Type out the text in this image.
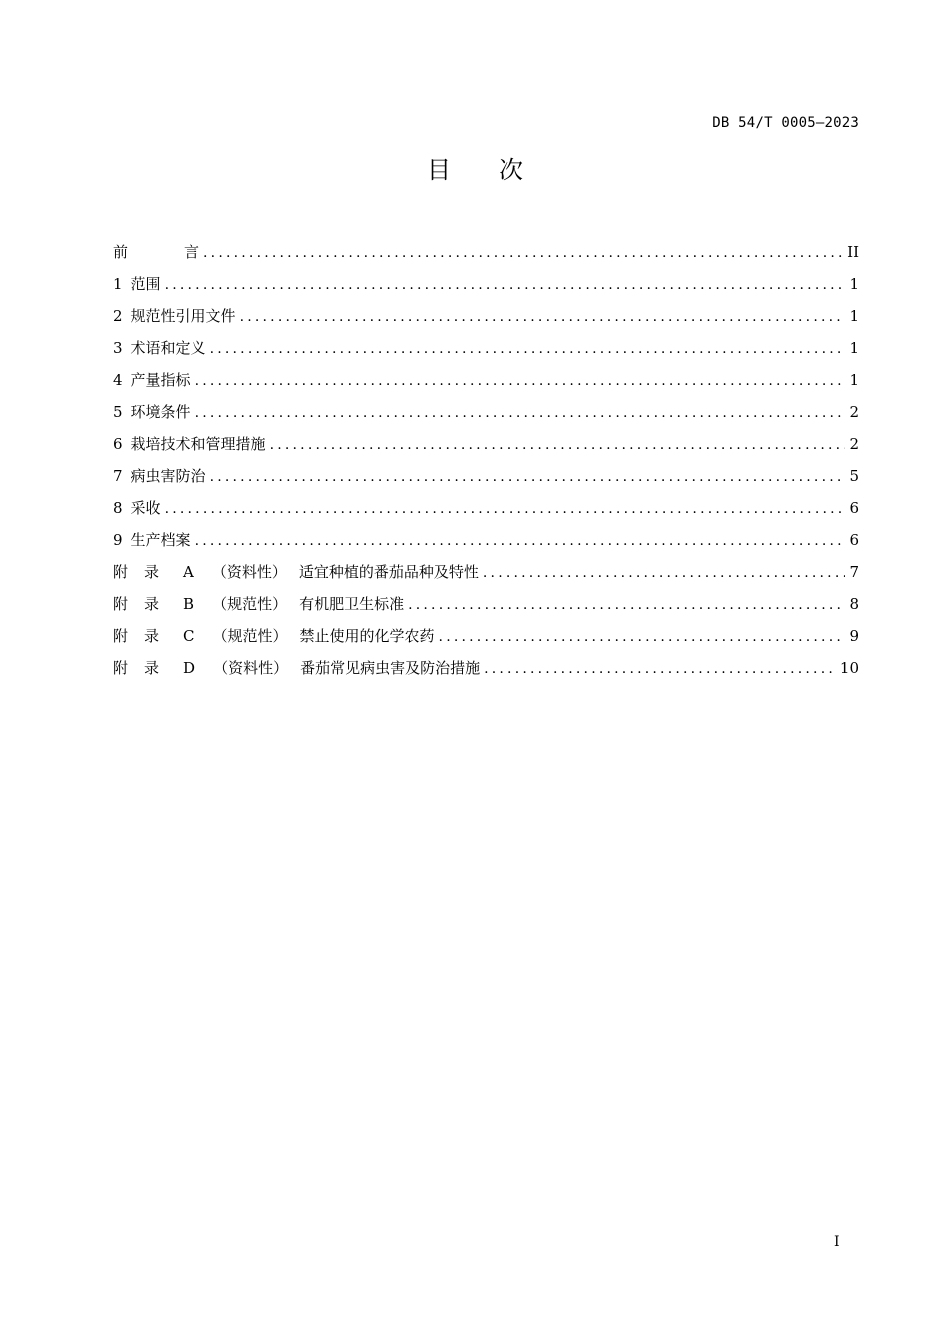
DB 54/T 0005—2023
目 次
前	言 .....	II
1 范围 .....	1
2 规范性引用文件 .....	1
3 术语和定义 .....	1
4 产量指标 .....	1
5 环境条件 .....	2
6 栽培技术和管理措施 .....	2
7 病虫害防治 .....	5
8 采收 .....	6
9 生产档案 .....	6
附 录 A （资料性） 适宜种植的番茄品种及特性 .....	7
附 录 B （规范性） 有机肥卫生标准 .....	8
附 录 C （规范性） 禁止使用的化学农药 .....	9
附 录 D （资料性） 番茄常见病虫害及防治措施 .....	10
I
